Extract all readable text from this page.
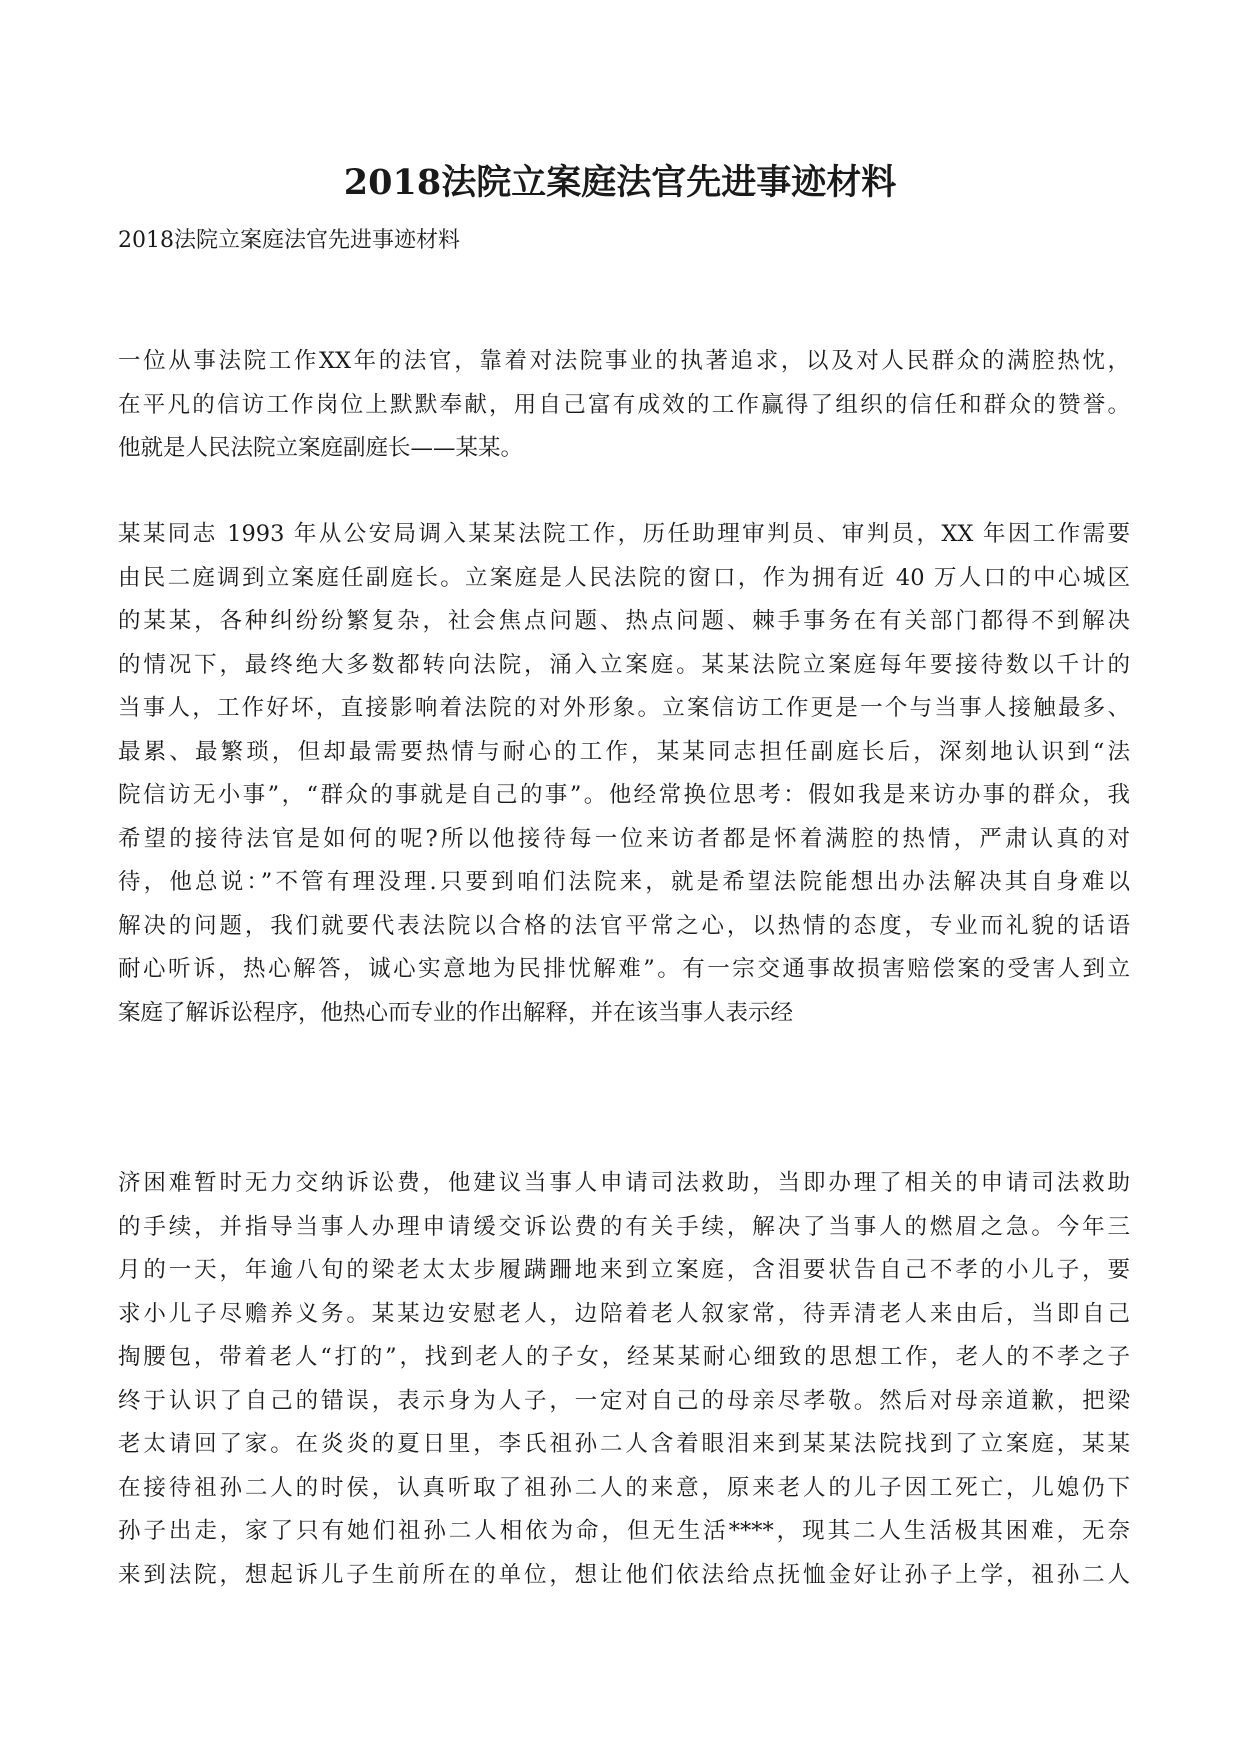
2018法院立案庭法官先进事迹材料
2018法院立案庭法官先进事迹材料
一位从事法院工作XX年的法官，靠着对法院事业的执著追求，以及对人民群众的满腔热忱，
在平凡的信访工作岗位上默默奉献，用自己富有成效的工作赢得了组织的信任和群众的赞誉。
他就是人民法院立案庭副庭长——某某。
某某同志 1993 年从公安局调入某某法院工作，历任助理审判员、审判员，XX 年因工作需要
由民二庭调到立案庭任副庭长。立案庭是人民法院的窗口，作为拥有近 40 万人口的中心城区
的某某，各种纠纷纷繁复杂，社会焦点问题、热点问题、棘手事务在有关部门都得不到解决
的情况下，最终绝大多数都转向法院，涌入立案庭。某某法院立案庭每年要接待数以千计的
当事人，工作好坏，直接影响着法院的对外形象。立案信访工作更是一个与当事人接触最多、
最累、最繁琐，但却最需要热情与耐心的工作，某某同志担任副庭长后，深刻地认识到“法
院信访无小事”，“群众的事就是自己的事”。他经常换位思考：假如我是来访办事的群众，我
希望的接待法官是如何的呢?所以他接待每一位来访者都是怀着满腔的热情，严肃认真的对
待，他总说：”不管有理没理.只要到咱们法院来，就是希望法院能想出办法解决其自身难以
解决的问题，我们就要代表法院以合格的法官平常之心，以热情的态度，专业而礼貌的话语
耐心听诉，热心解答，诚心实意地为民排忧解难”。有一宗交通事故损害赔偿案的受害人到立
案庭了解诉讼程序，他热心而专业的作出解释，并在该当事人表示经
济困难暂时无力交纳诉讼费，他建议当事人申请司法救助，当即办理了相关的申请司法救助
的手续，并指导当事人办理申请缓交诉讼费的有关手续，解决了当事人的燃眉之急。今年三
月的一天，年逾八旬的梁老太太步履蹒跚地来到立案庭，含泪要状告自己不孝的小儿子，要
求小儿子尽赡养义务。某某边安慰老人，边陪着老人叙家常，待弄清老人来由后，当即自己
掏腰包，带着老人“打的”，找到老人的子女，经某某耐心细致的思想工作，老人的不孝之子
终于认识了自己的错误，表示身为人子，一定对自己的母亲尽孝敬。然后对母亲道歉，把梁
老太请回了家。在炎炎的夏日里，李氏祖孙二人含着眼泪来到某某法院找到了立案庭，某某
在接待祖孙二人的时侯，认真听取了祖孙二人的来意，原来老人的儿子因工死亡，儿媳仍下
孙子出走，家了只有她们祖孙二人相依为命，但无生活****，现其二人生活极其困难，无奈
来到法院，想起诉儿子生前所在的单位，想让他们依法给点抚恤金好让孙子上学，祖孙二人
